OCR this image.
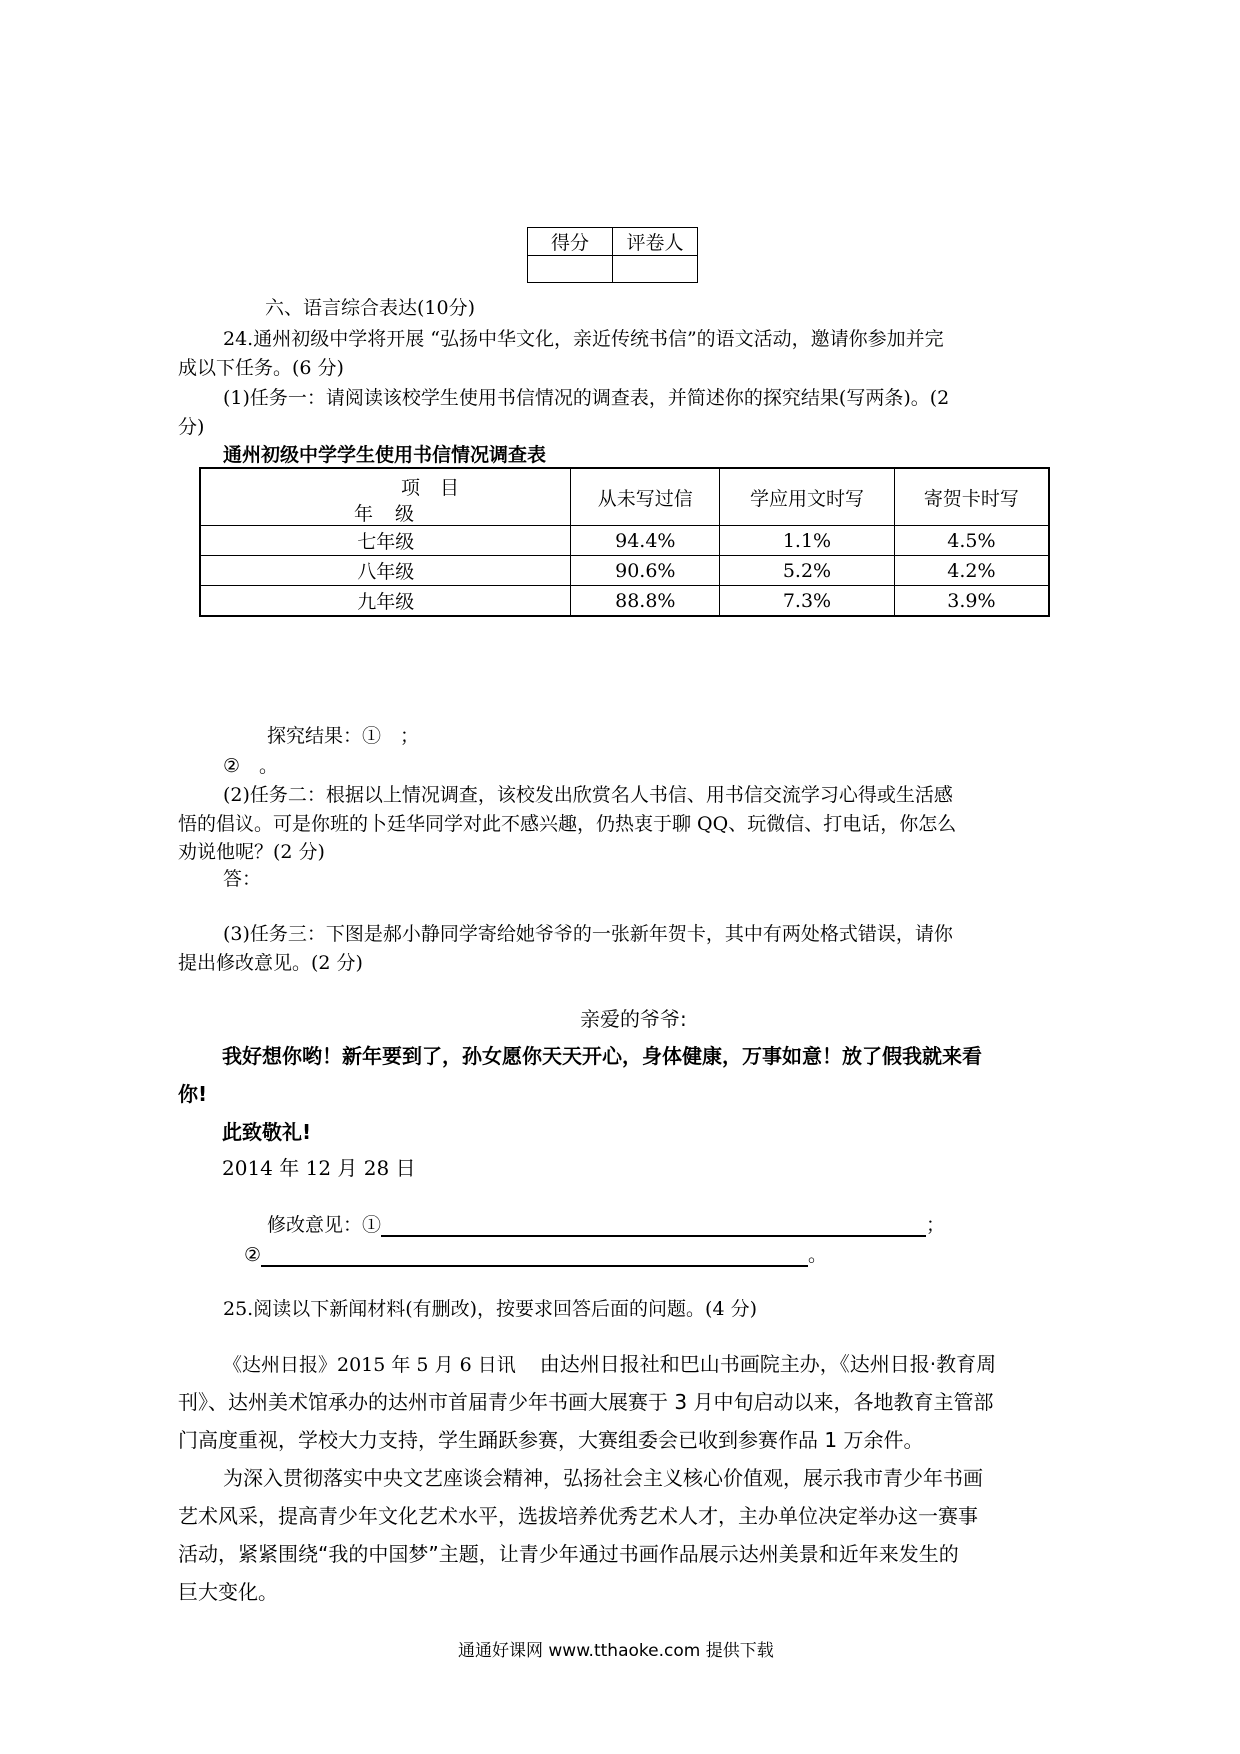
得分	评卷人

六、语言综合表达(10分)
24.通州初级中学将开展 “弘扬中华文化，亲近传统书信”的语文活动，邀请你参加并完
成以下任务。(6 分)
(1)任务一：请阅读该校学生使用书信情况的调查表，并简述你的探究结果(写两条)。(2
分)
通州初级中学学生使用书信情况调查表
项目
年级	从未写过信	学应用文时写	寄贺卡时写
七年级	94.4%	1.1%	4.5%
八年级	90.6%	5.2%	4.2%
九年级	88.8%	7.3%	3.9%
探究结果：①　；
②　。
(2)任务二：根据以上情况调查，该校发出欣赏名人书信、用书信交流学习心得或生活感
悟的倡议。可是你班的卜廷华同学对此不感兴趣，仍热衷于聊 QQ、玩微信、打电话，你怎么
劝说他呢？(2 分)
答：
(3)任务三：下图是郝小静同学寄给她爷爷的一张新年贺卡，其中有两处格式错误，请你
提出修改意见。(2 分)
亲爱的爷爷:
我好想你哟！新年要到了，孙女愿你天天开心，身体健康，万事如意！放了假我就来看
你!
此致敬礼!
2014 年 12 月 28 日
修改意见：①	；
②	。
25.阅读以下新闻材料(有删改)，按要求回答后面的问题。(4 分)
《达州日报》2015 年 5 月 6 日讯 由达州日报社和巴山书画院主办，《达州日报·教育周
刊》、达州美术馆承办的达州市首届青少年书画大展赛于 3 月中旬启动以来，各地教育主管部
门高度重视，学校大力支持，学生踊跃参赛，大赛组委会已收到参赛作品 1 万余件。
为深入贯彻落实中央文艺座谈会精神，弘扬社会主义核心价值观，展示我市青少年书画
艺术风采，提高青少年文化艺术水平，选拔培养优秀艺术人才，主办单位决定举办这一赛事
活动，紧紧围绕“我的中国梦”主题，让青少年通过书画作品展示达州美景和近年来发生的
巨大变化。
通通好课网 www.tthaoke.com 提供下载
